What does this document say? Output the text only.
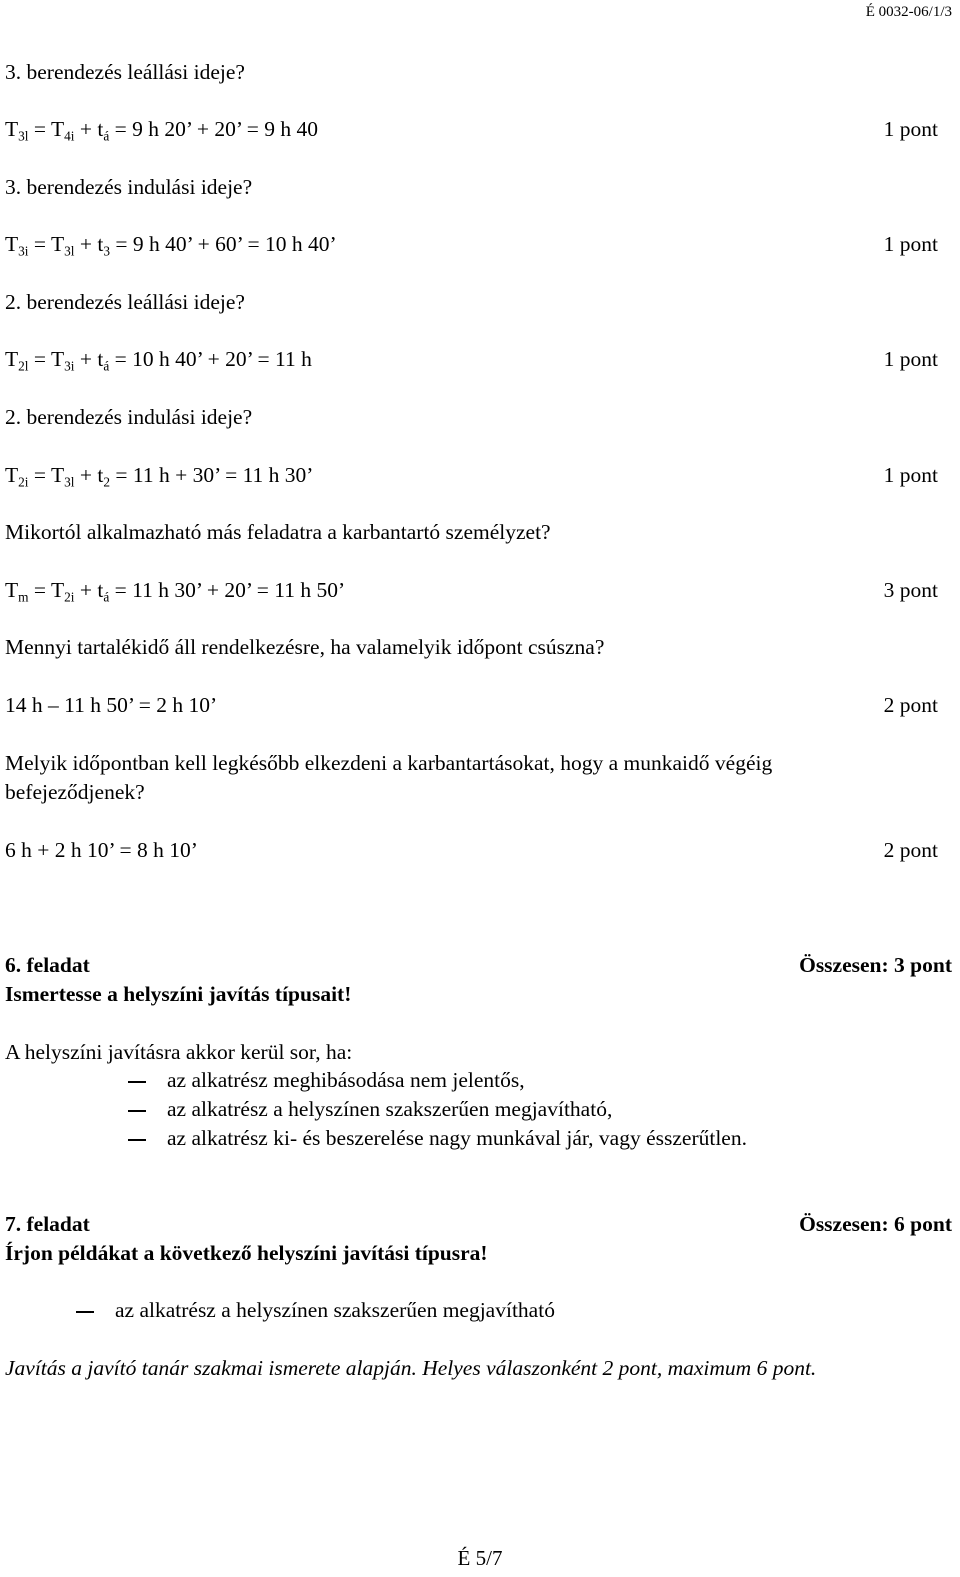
É 0032-06/1/3
3. berendezés leállási ideje?
$T_{3l} = T_{4i} + t_á = 9$ h 20’ + 20’ = 9 h 40	1 pont
3. berendezés indulási ideje?
$T_{3i} = T_{3l} + t_3 = 9$ h 40’ + 60’ = 10 h 40’	1 pont
2. berendezés leállási ideje?
$T_{2l} = T_{3i} + t_á = 10$ h 40’ + 20’ = 11 h	1 pont
2. berendezés indulási ideje?
$T_{2i} = T_{3l} + t_2 = 11$ h + 30’ = 11 h 30’	1 pont
Mikortól alkalmazható más feladatra a karbantartó személyzet?
$T_m = T_{2i} + t_á = 11$ h 30’ + 20’ = 11 h 50’	3 pont
Mennyi tartalékidő áll rendelkezésre, ha valamelyik időpont csúszna?
14 h – 11 h 50’ = 2 h 10’	2 pont
Melyik időpontban kell legkésőbb elkezdeni a karbantartásokat, hogy a munkaidő végéig
befejeződjenek?
6 h + 2 h 10’ = 8 h 10’	2 pont
6. feladat	Összesen: 3 pont
Ismertesse a helyszíni javítás típusait!
A helyszíni javításra akkor kerül sor, ha:
az alkatrész meghibásodása nem jelentős,
az alkatrész a helyszínen szakszerűen megjavítható,
az alkatrész ki- és beszerelése nagy munkával jár, vagy ésszerűtlen.
7. feladat	Összesen: 6 pont
Írjon példákat a következő helyszíni javítási típusra!
az alkatrész a helyszínen szakszerűen megjavítható
Javítás a javító tanár szakmai ismerete alapján. Helyes válaszonként 2 pont, maximum 6 pont.
É 5/7
